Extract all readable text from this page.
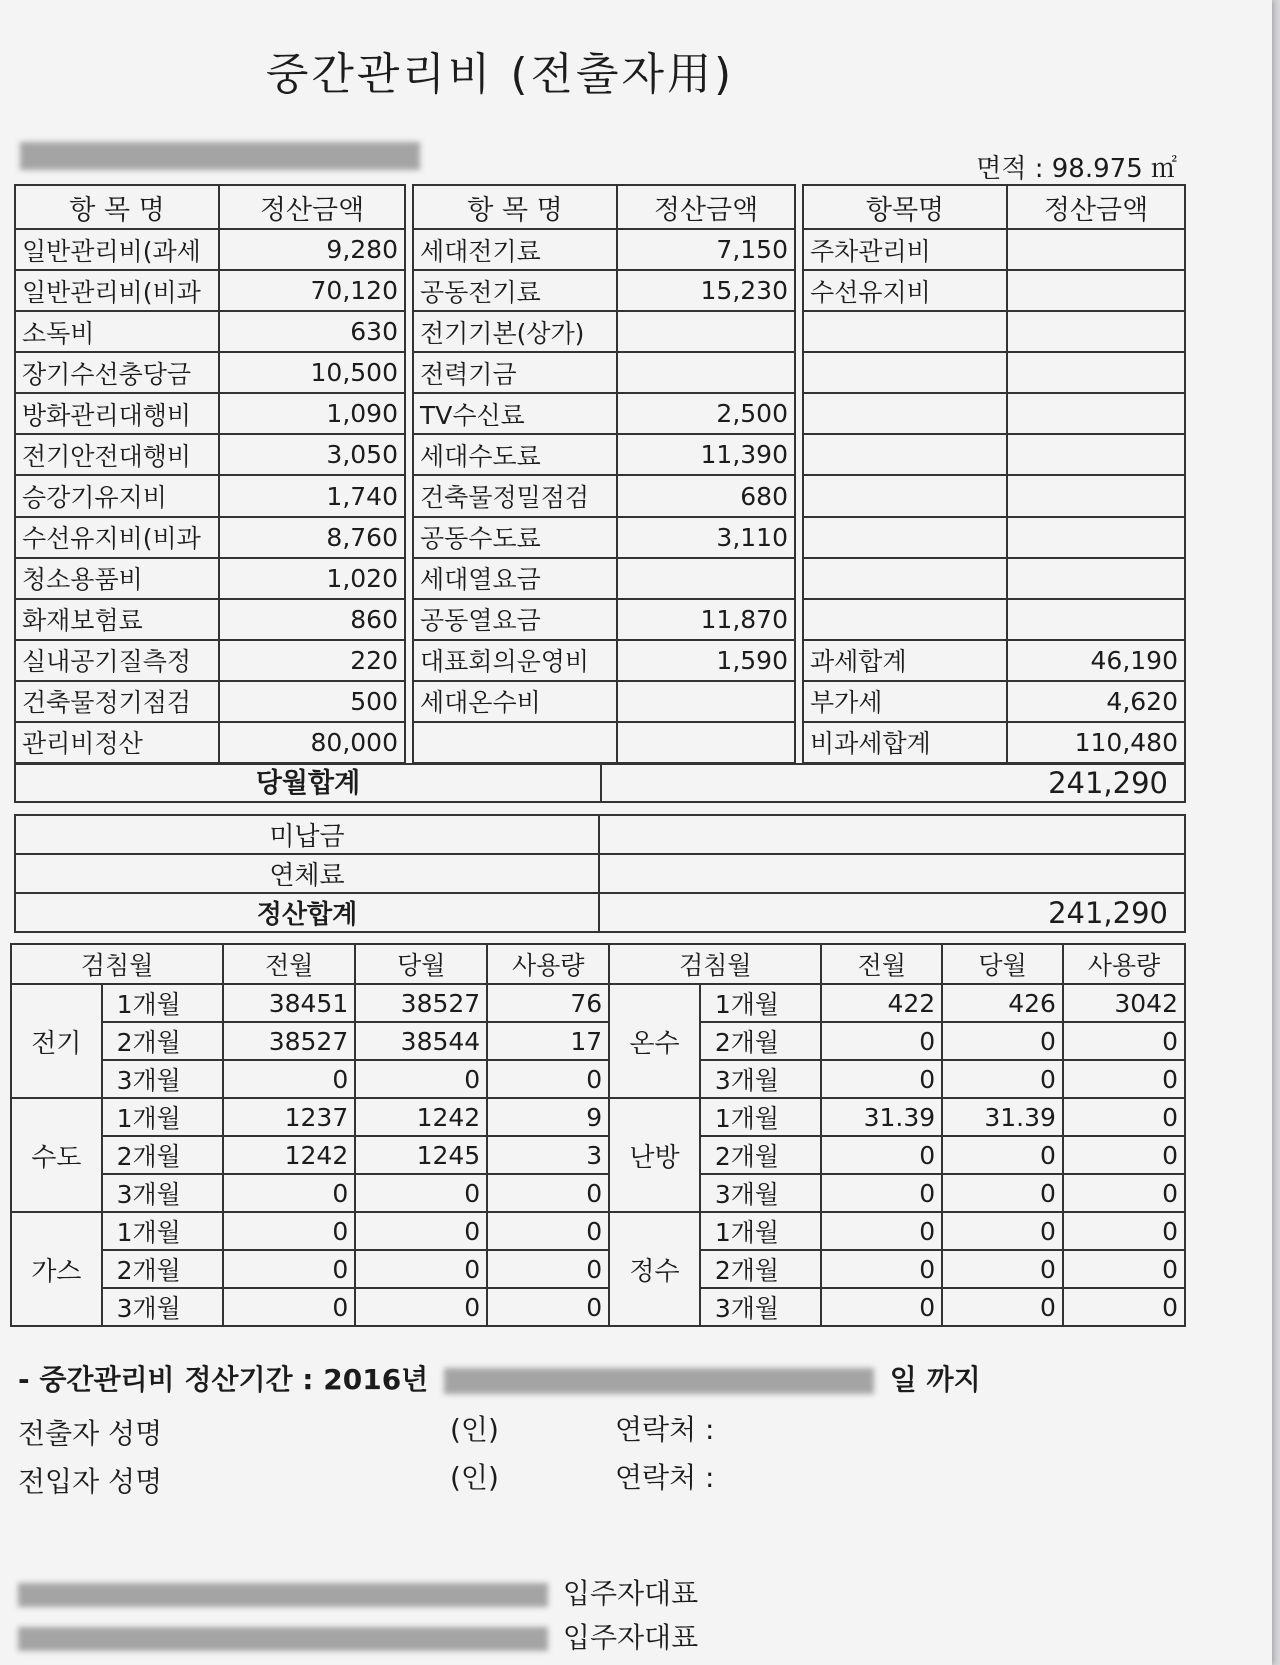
중간관리비 (전출자用)
면적 : 98.975 ㎡
항 목 명	정산금액
일반관리비(과세	9,280
일반관리비(비과	70,120
소독비	630
장기수선충당금	10,500
방화관리대행비	1,090
전기안전대행비	3,050
승강기유지비	1,740
수선유지비(비과	8,760
청소용품비	1,020
화재보험료	860
실내공기질측정	220
건축물정기점검	500
관리비정산	80,000
항 목 명	정산금액
세대전기료	7,150
공동전기료	15,230
전기기본(상가)	
전력기금	
TV수신료	2,500
세대수도료	11,390
건축물정밀점검	680
공동수도료	3,110
세대열요금	
공동열요금	11,870
대표회의운영비	1,590
세대온수비	

항목명	정산금액
주차관리비	
수선유지비	

과세합계	46,190
부가세	4,620
비과세합계	110,480
당월합계	241,290
미납금	
연체료	
정산합계	241,290
검침월		전월	당월	사용량	검침월		전월	당월	사용량
전기	1개월	38451	38527	76	온수	1개월	422	426	3042
	2개월	38527	38544	17		2개월	0	0	0
	3개월	0	0	0		3개월	0	0	0
수도	1개월	1237	1242	9	난방	1개월	31.39	31.39	0
	2개월	1242	1245	3		2개월	0	0	0
	3개월	0	0	0		3개월	0	0	0
가스	1개월	0	0	0	정수	1개월	0	0	0
	2개월	0	0	0		2개월	0	0	0
	3개월	0	0	0		3개월	0	0	0
- 중간관리비 정산기간 : 2016년	일 까지
전출자 성명	(인)	연락처 :
전입자 성명	(인)	연락처 :
입주자대표
입주자대표
